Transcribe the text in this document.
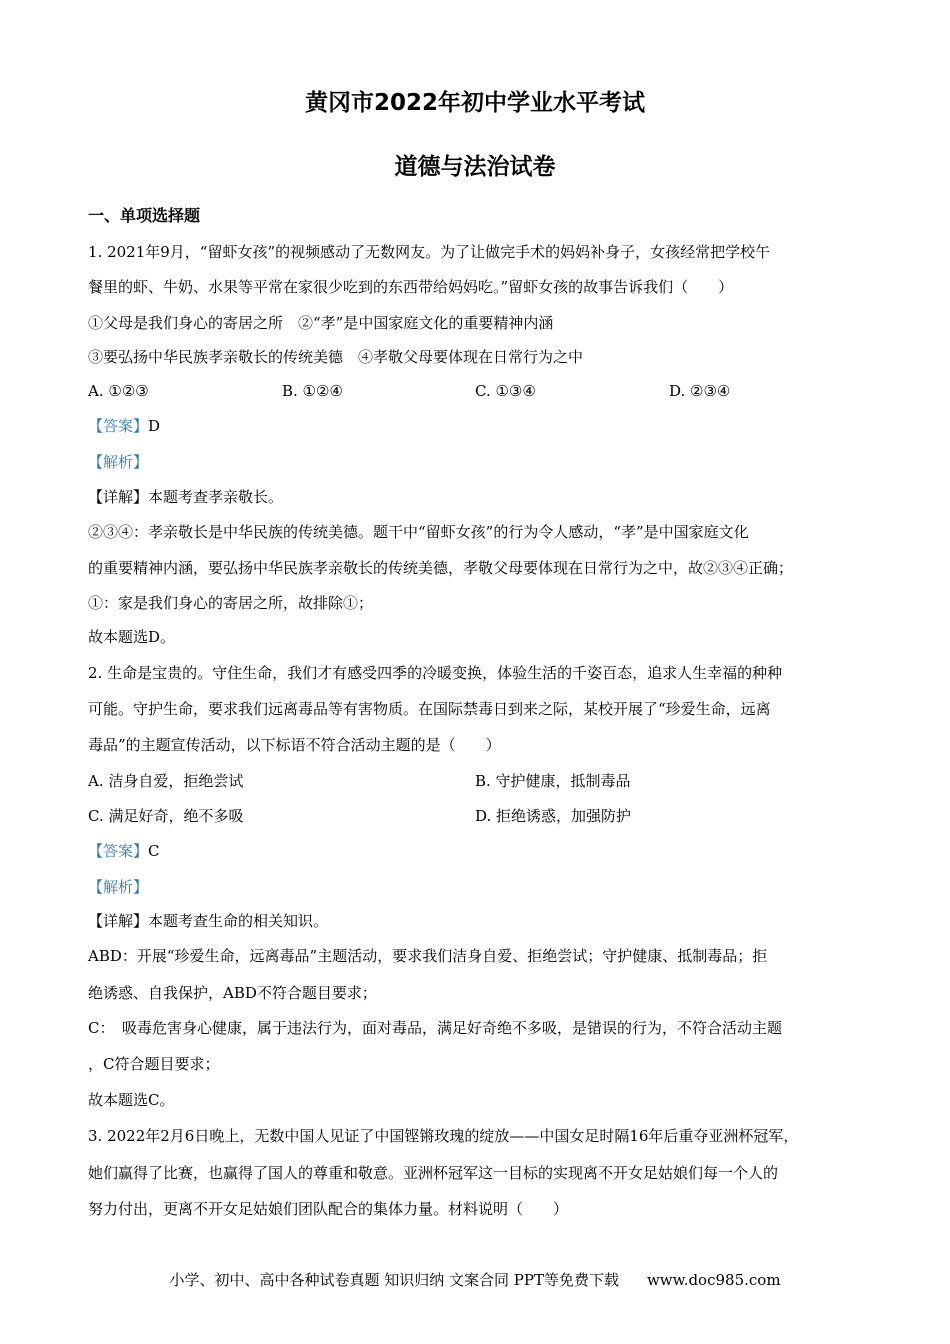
黄冈市2022年初中学业水平考试
道德与法治试卷
一、单项选择题
1. 2021年9月，“留虾女孩”的视频感动了无数网友。为了让做完手术的妈妈补身子，女孩经常把学校午
餐里的虾、牛奶、水果等平常在家很少吃到的东西带给妈妈吃。”留虾女孩的故事告诉我们（　　）
①父母是我们身心的寄居之所　②“孝”是中国家庭文化的重要精神内涵
③要弘扬中华民族孝亲敬长的传统美德　④孝敬父母要体现在日常行为之中
A. ①②③	B. ①②④	C. ①③④	D. ②③④
【答案】D
【解析】
【详解】本题考查孝亲敬长。
②③④：孝亲敬长是中华民族的传统美德。题干中“留虾女孩”的行为令人感动，“孝”是中国家庭文化
的重要精神内涵，要弘扬中华民族孝亲敬长的传统美德，孝敬父母要体现在日常行为之中，故②③④正确；
①：家是我们身心的寄居之所，故排除①；
故本题选D。
2. 生命是宝贵的。守住生命，我们才有感受四季的冷暖变换，体验生活的千姿百态，追求人生幸福的种种
可能。守护生命，要求我们远离毒品等有害物质。在国际禁毒日到来之际，某校开展了“珍爱生命，远离
毒品”的主题宣传活动，以下标语不符合活动主题的是（　　）
A. 洁身自爱，拒绝尝试	B. 守护健康，抵制毒品
C. 满足好奇，绝不多吸	D. 拒绝诱惑，加强防护
【答案】C
【解析】
【详解】本题考查生命的相关知识。
ABD：开展“珍爱生命，远离毒品”主题活动，要求我们洁身自爱、拒绝尝试；守护健康、抵制毒品；拒
绝诱惑、自我保护，ABD不符合题目要求；
C：　吸毒危害身心健康，属于违法行为，面对毒品，满足好奇绝不多吸，是错误的行为，不符合活动主题
，C符合题目要求；
故本题选C。
3. 2022年2月6日晚上，无数中国人见证了中国铿锵玫瑰的绽放——中国女足时隔16年后重夺亚洲杯冠军，
她们赢得了比赛，也赢得了国人的尊重和敬意。亚洲杯冠军这一目标的实现离不开女足姑娘们每一个人的
努力付出，更离不开女足姑娘们团队配合的集体力量。材料说明（　　）
小学、初中、高中各种试卷真题 知识归纳 文案合同 PPT等免费下载 www.doc985.com
